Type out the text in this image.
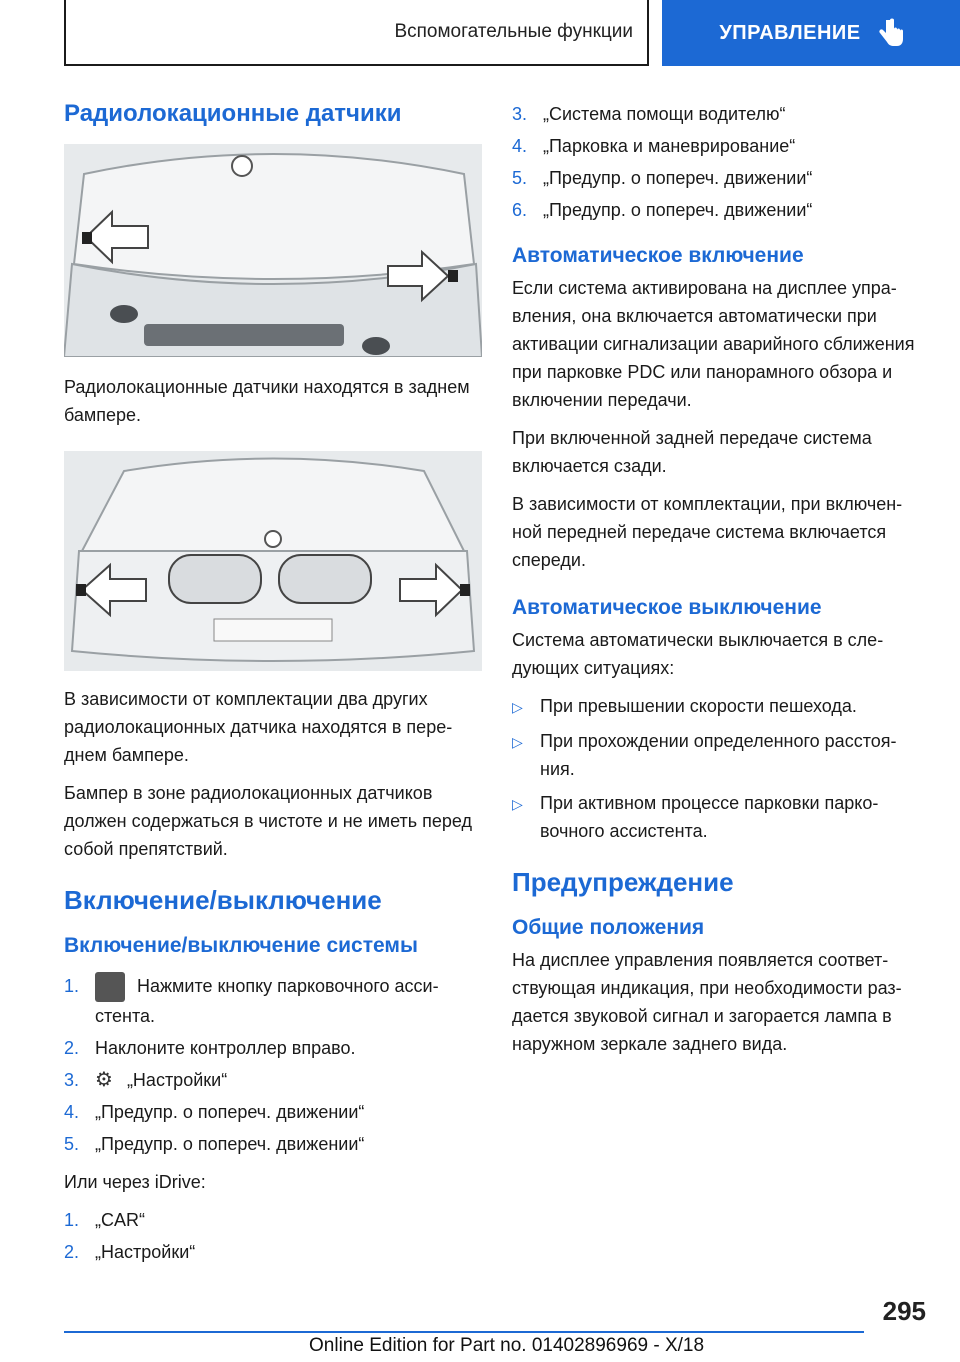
Вспомогательные функции	УПРАВЛЕНИЕ
Радиолокационные датчики

Радиолокационные датчики находятся в заднем бампере.

В зависимости от комплектации два других радиолокационных датчика находятся в переднем бампере.

Бампер в зоне радиолокационных датчиков должен содержаться в чистоте и не иметь перед собой препятствий.

Включение/выключение
Включение/выключение системы
1.	Нажмите кнопку парковочного ассистента.
2. Наклоните контроллер вправо.
3. ⚙ „Настройки“
4. „Предупр. о попереч. движении“
5. „Предупр. о попереч. движении“

Или через iDrive:

1. „CAR“
2. „Настройки“
3. „Система помощи водителю“
4. „Парковка и маневрирование“
5. „Предупр. о попереч. движении“
6. „Предупр. о попереч. движении“
Автоматическое включение

Если система активирована на дисплее управления, она включается автоматически при активации сигнализации аварийного сближения при парковке PDC или панорамного обзора и включении передачи.

При включенной задней передаче система включается сзади.

В зависимости от комплектации, при включенной передней передаче система включается спереди.

Автоматическое выключение

Система автоматически выключается в следующих ситуациях:

▷ При превышении скорости пешехода.
▷ При прохождении определенного расстояния.
▷ При активном процессе парковки парковочного ассистента.
Предупреждение
Общие положения

На дисплее управления появляется соответствующая индикация, при необходимости раздается звуковой сигнал и загорается лампа в наружном зеркале заднего вида.

295
Online Edition for Part no. 01402896969 - X/18
